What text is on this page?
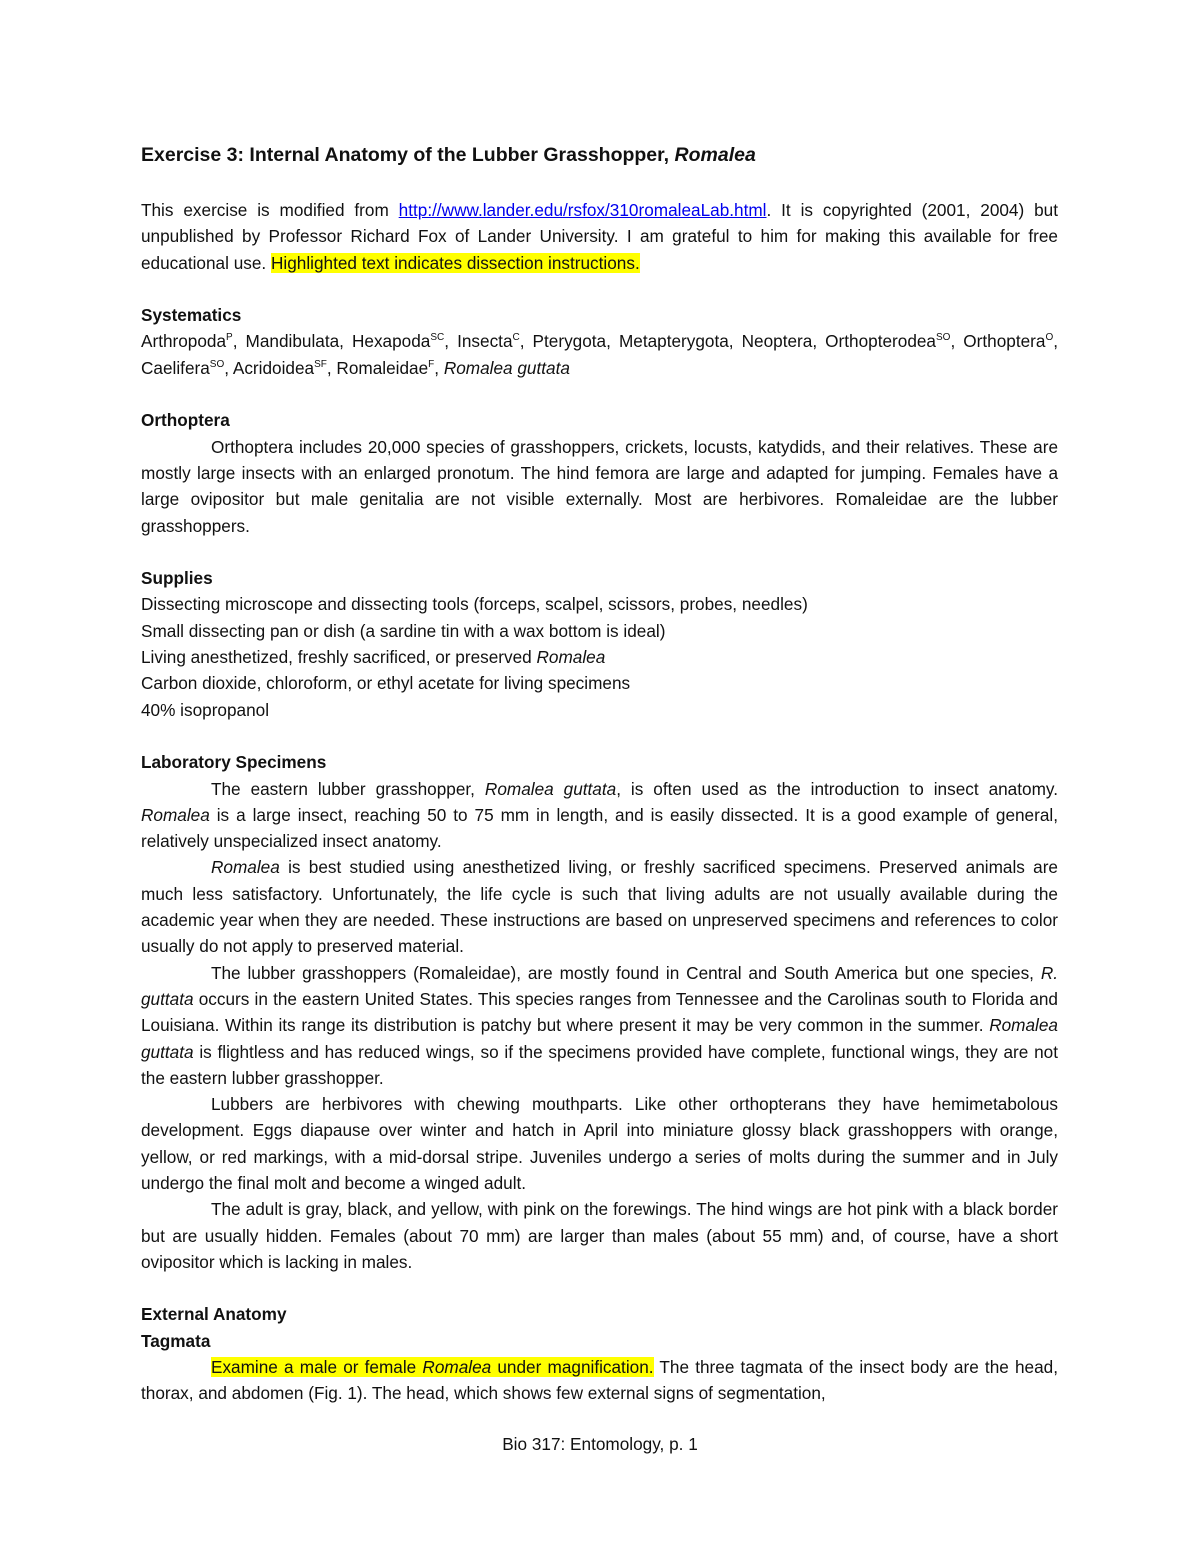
Exercise 3: Internal Anatomy of the Lubber Grasshopper, Romalea

This exercise is modified from http://www.lander.edu/rsfox/310romaleaLab.html. It is copyrighted (2001, 2004) but unpublished by Professor Richard Fox of Lander University. I am grateful to him for making this available for free educational use. Highlighted text indicates dissection instructions.

Systematics

Arthropoda$^P$, Mandibulata, Hexapoda$^{SC}$, Insecta$^C$, Pterygota, Metapterygota, Neoptera, Orthopterodea$^{SO}$, Orthoptera$^O$, Caelifera$^{SO}$, Acridoidea$^{SF}$, Romaleidae$^F$, Romalea guttata

Orthoptera

Orthoptera includes 20,000 species of grasshoppers, crickets, locusts, katydids, and their relatives. These are mostly large insects with an enlarged pronotum. The hind femora are large and adapted for jumping. Females have a large ovipositor but male genitalia are not visible externally. Most are herbivores. Romaleidae are the lubber grasshoppers.

Supplies

Dissecting microscope and dissecting tools (forceps, scalpel, scissors, probes, needles)
Small dissecting pan or dish (a sardine tin with a wax bottom is ideal)
Living anesthetized, freshly sacrificed, or preserved Romalea
Carbon dioxide, chloroform, or ethyl acetate for living specimens
40% isopropanol

Laboratory Specimens

The eastern lubber grasshopper, Romalea guttata, is often used as the introduction to insect anatomy. Romalea is a large insect, reaching 50 to 75 mm in length, and is easily dissected. It is a good example of general, relatively unspecialized insect anatomy.

Romalea is best studied using anesthetized living, or freshly sacrificed specimens. Preserved animals are much less satisfactory. Unfortunately, the life cycle is such that living adults are not usually available during the academic year when they are needed. These instructions are based on unpreserved specimens and references to color usually do not apply to preserved material.

The lubber grasshoppers (Romaleidae), are mostly found in Central and South America but one species, R. guttata occurs in the eastern United States. This species ranges from Tennessee and the Carolinas south to Florida and Louisiana. Within its range its distribution is patchy but where present it may be very common in the summer. Romalea guttata is flightless and has reduced wings, so if the specimens provided have complete, functional wings, they are not the eastern lubber grasshopper.

Lubbers are herbivores with chewing mouthparts. Like other orthopterans they have hemimetabolous development. Eggs diapause over winter and hatch in April into miniature glossy black grasshoppers with orange, yellow, or red markings, with a mid-dorsal stripe. Juveniles undergo a series of molts during the summer and in July undergo the final molt and become a winged adult.

The adult is gray, black, and yellow, with pink on the forewings. The hind wings are hot pink with a black border but are usually hidden. Females (about 70 mm) are larger than males (about 55 mm) and, of course, have a short ovipositor which is lacking in males.

External Anatomy

Tagmata

Examine a male or female Romalea under magnification. The three tagmata of the insect body are the head, thorax, and abdomen (Fig. 1). The head, which shows few external signs of segmentation,

Bio 317: Entomology, p. 1
